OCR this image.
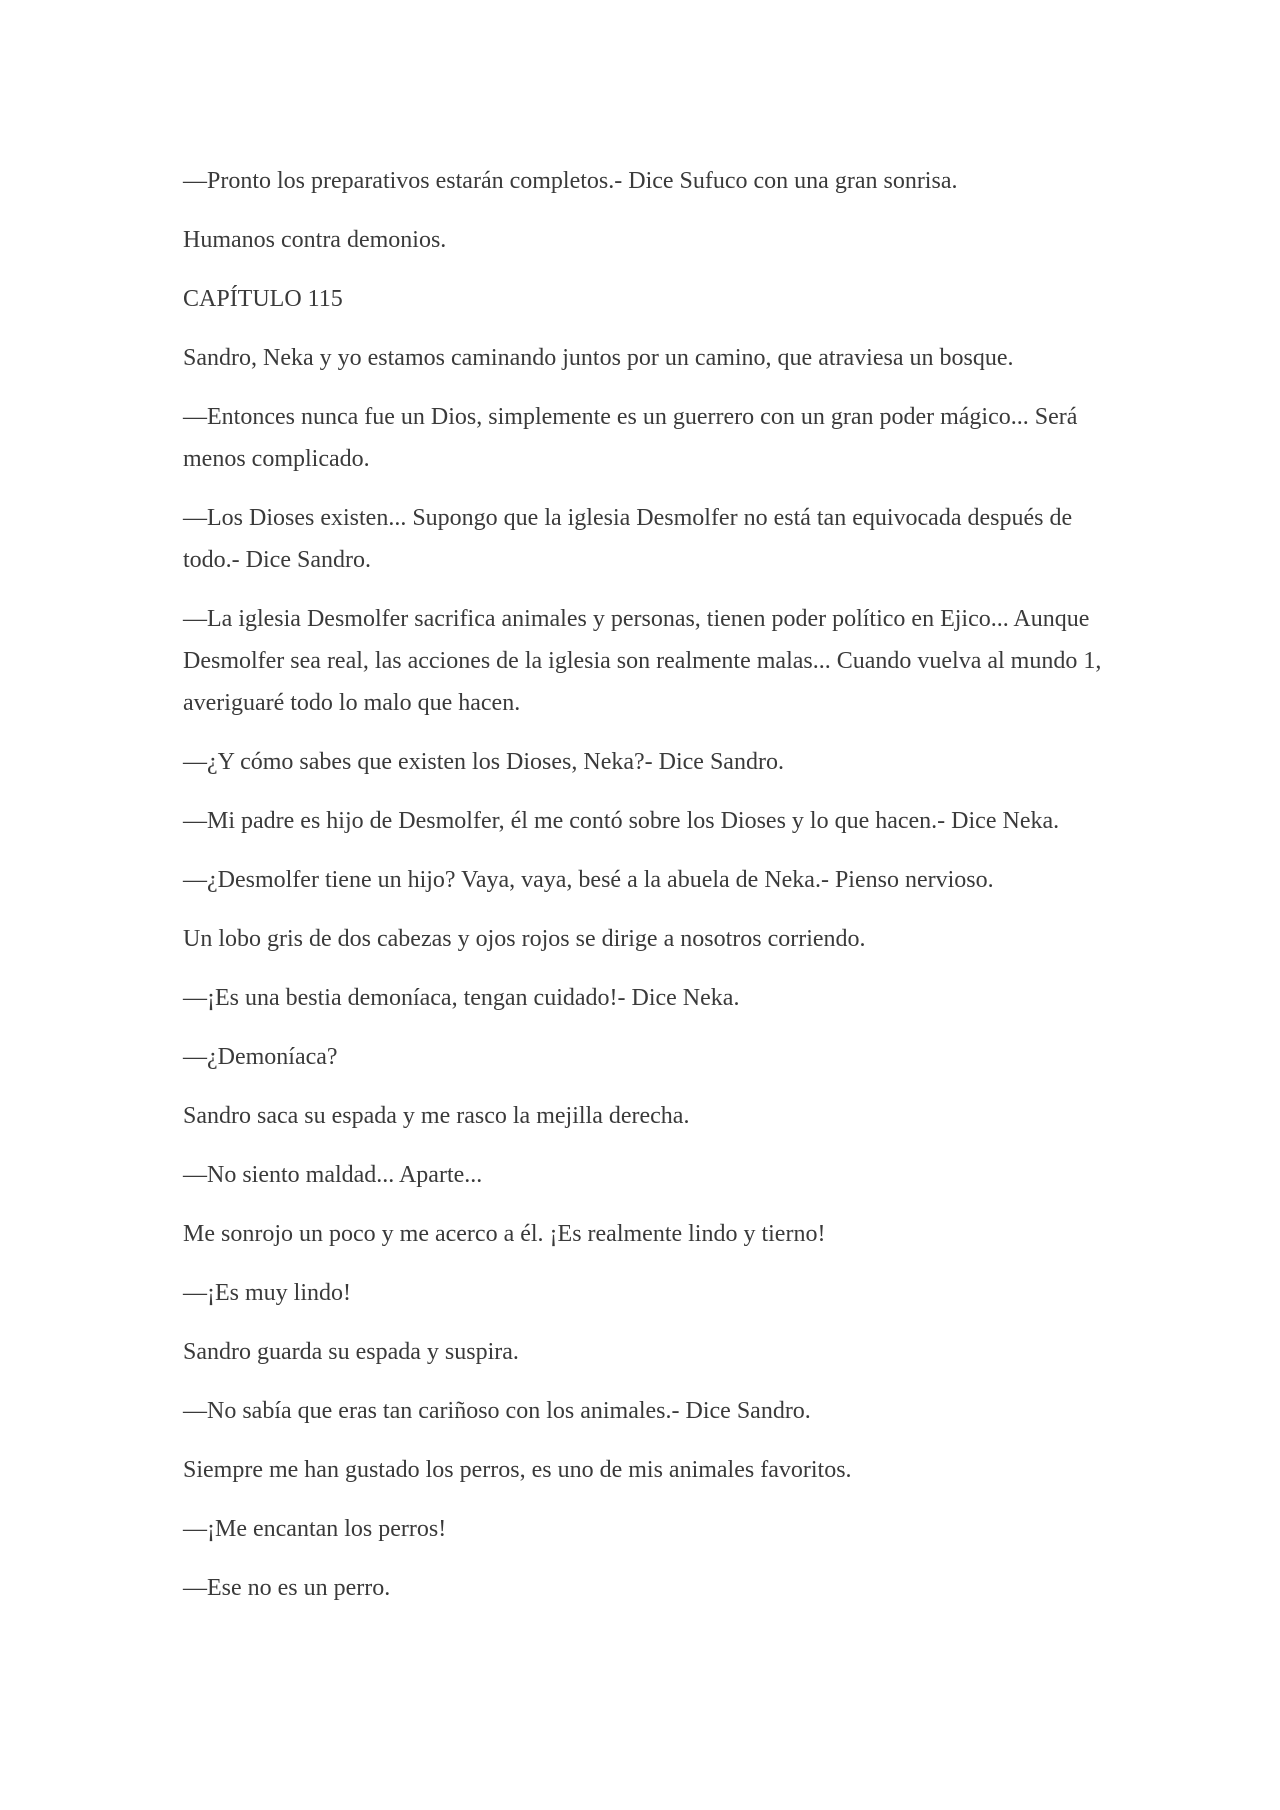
—Pronto los preparativos estarán completos.- Dice Sufuco con una gran sonrisa.

Humanos contra demonios.

CAPÍTULO 115

Sandro, Neka y yo estamos caminando juntos por un camino, que atraviesa un bosque.

—Entonces nunca fue un Dios, simplemente es un guerrero con un gran poder mágico... Será menos complicado.

—Los Dioses existen... Supongo que la iglesia Desmolfer no está tan equivocada después de todo.- Dice Sandro.

—La iglesia Desmolfer sacrifica animales y personas, tienen poder político en Ejico... Aunque Desmolfer sea real, las acciones de la iglesia son realmente malas... Cuando vuelva al mundo 1, averiguaré todo lo malo que hacen.

—¿Y cómo sabes que existen los Dioses, Neka?- Dice Sandro.

—Mi padre es hijo de Desmolfer, él me contó sobre los Dioses y lo que hacen.- Dice Neka.

—¿Desmolfer tiene un hijo? Vaya, vaya, besé a la abuela de Neka.- Pienso nervioso.

Un lobo gris de dos cabezas y ojos rojos se dirige a nosotros corriendo.

—¡Es una bestia demoníaca, tengan cuidado!- Dice Neka.

—¿Demoníaca?

Sandro saca su espada y me rasco la mejilla derecha.

—No siento maldad... Aparte...

Me sonrojo un poco y me acerco a él. ¡Es realmente lindo y tierno!

—¡Es muy lindo!

Sandro guarda su espada y suspira.

—No sabía que eras tan cariñoso con los animales.- Dice Sandro.

Siempre me han gustado los perros, es uno de mis animales favoritos.

—¡Me encantan los perros!

—Ese no es un perro.
